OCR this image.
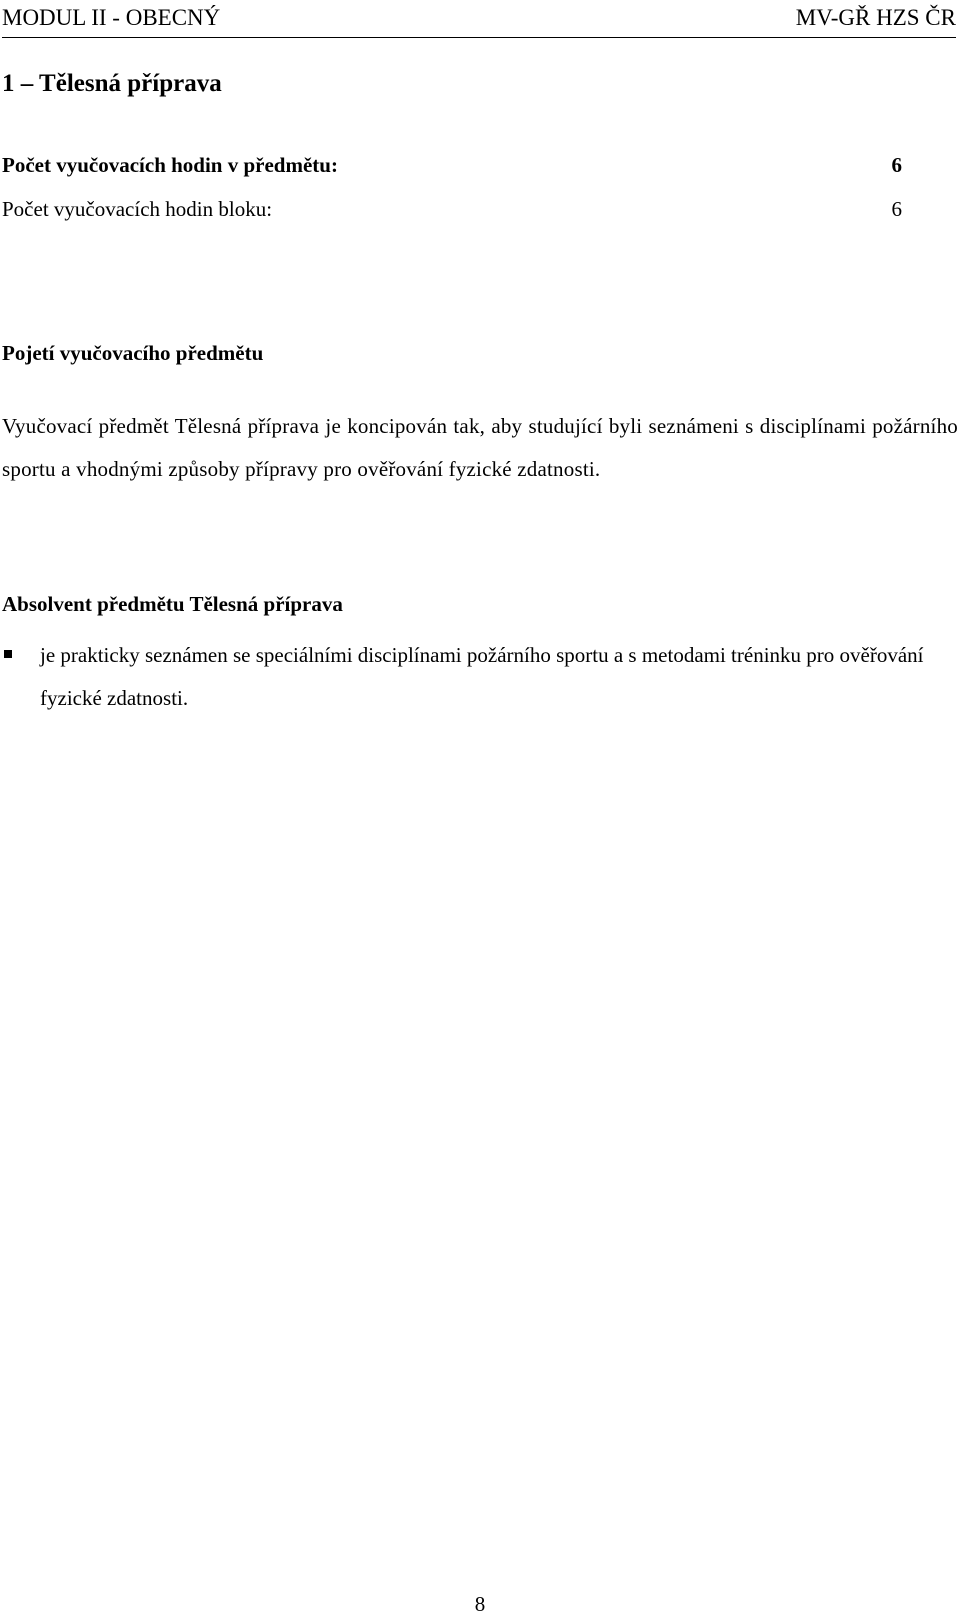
MODUL II - OBECNÝ	MV-GŘ HZS ČR
1 – Tělesná příprava
Počet vyučovacích hodin v předmětu:	6
Počet vyučovacích hodin bloku:	6
Pojetí vyučovacího předmětu

Vyučovací předmět Tělesná příprava je koncipován tak, aby studující byli seznámeni s disciplínami požárního sportu a vhodnými způsoby přípravy pro ověřování fyzické zdatnosti.

Absolvent předmětu Tělesná příprava
je prakticky seznámen se speciálními disciplínami požárního sportu a s metodami tréninku pro ověřování fyzické zdatnosti.
8
